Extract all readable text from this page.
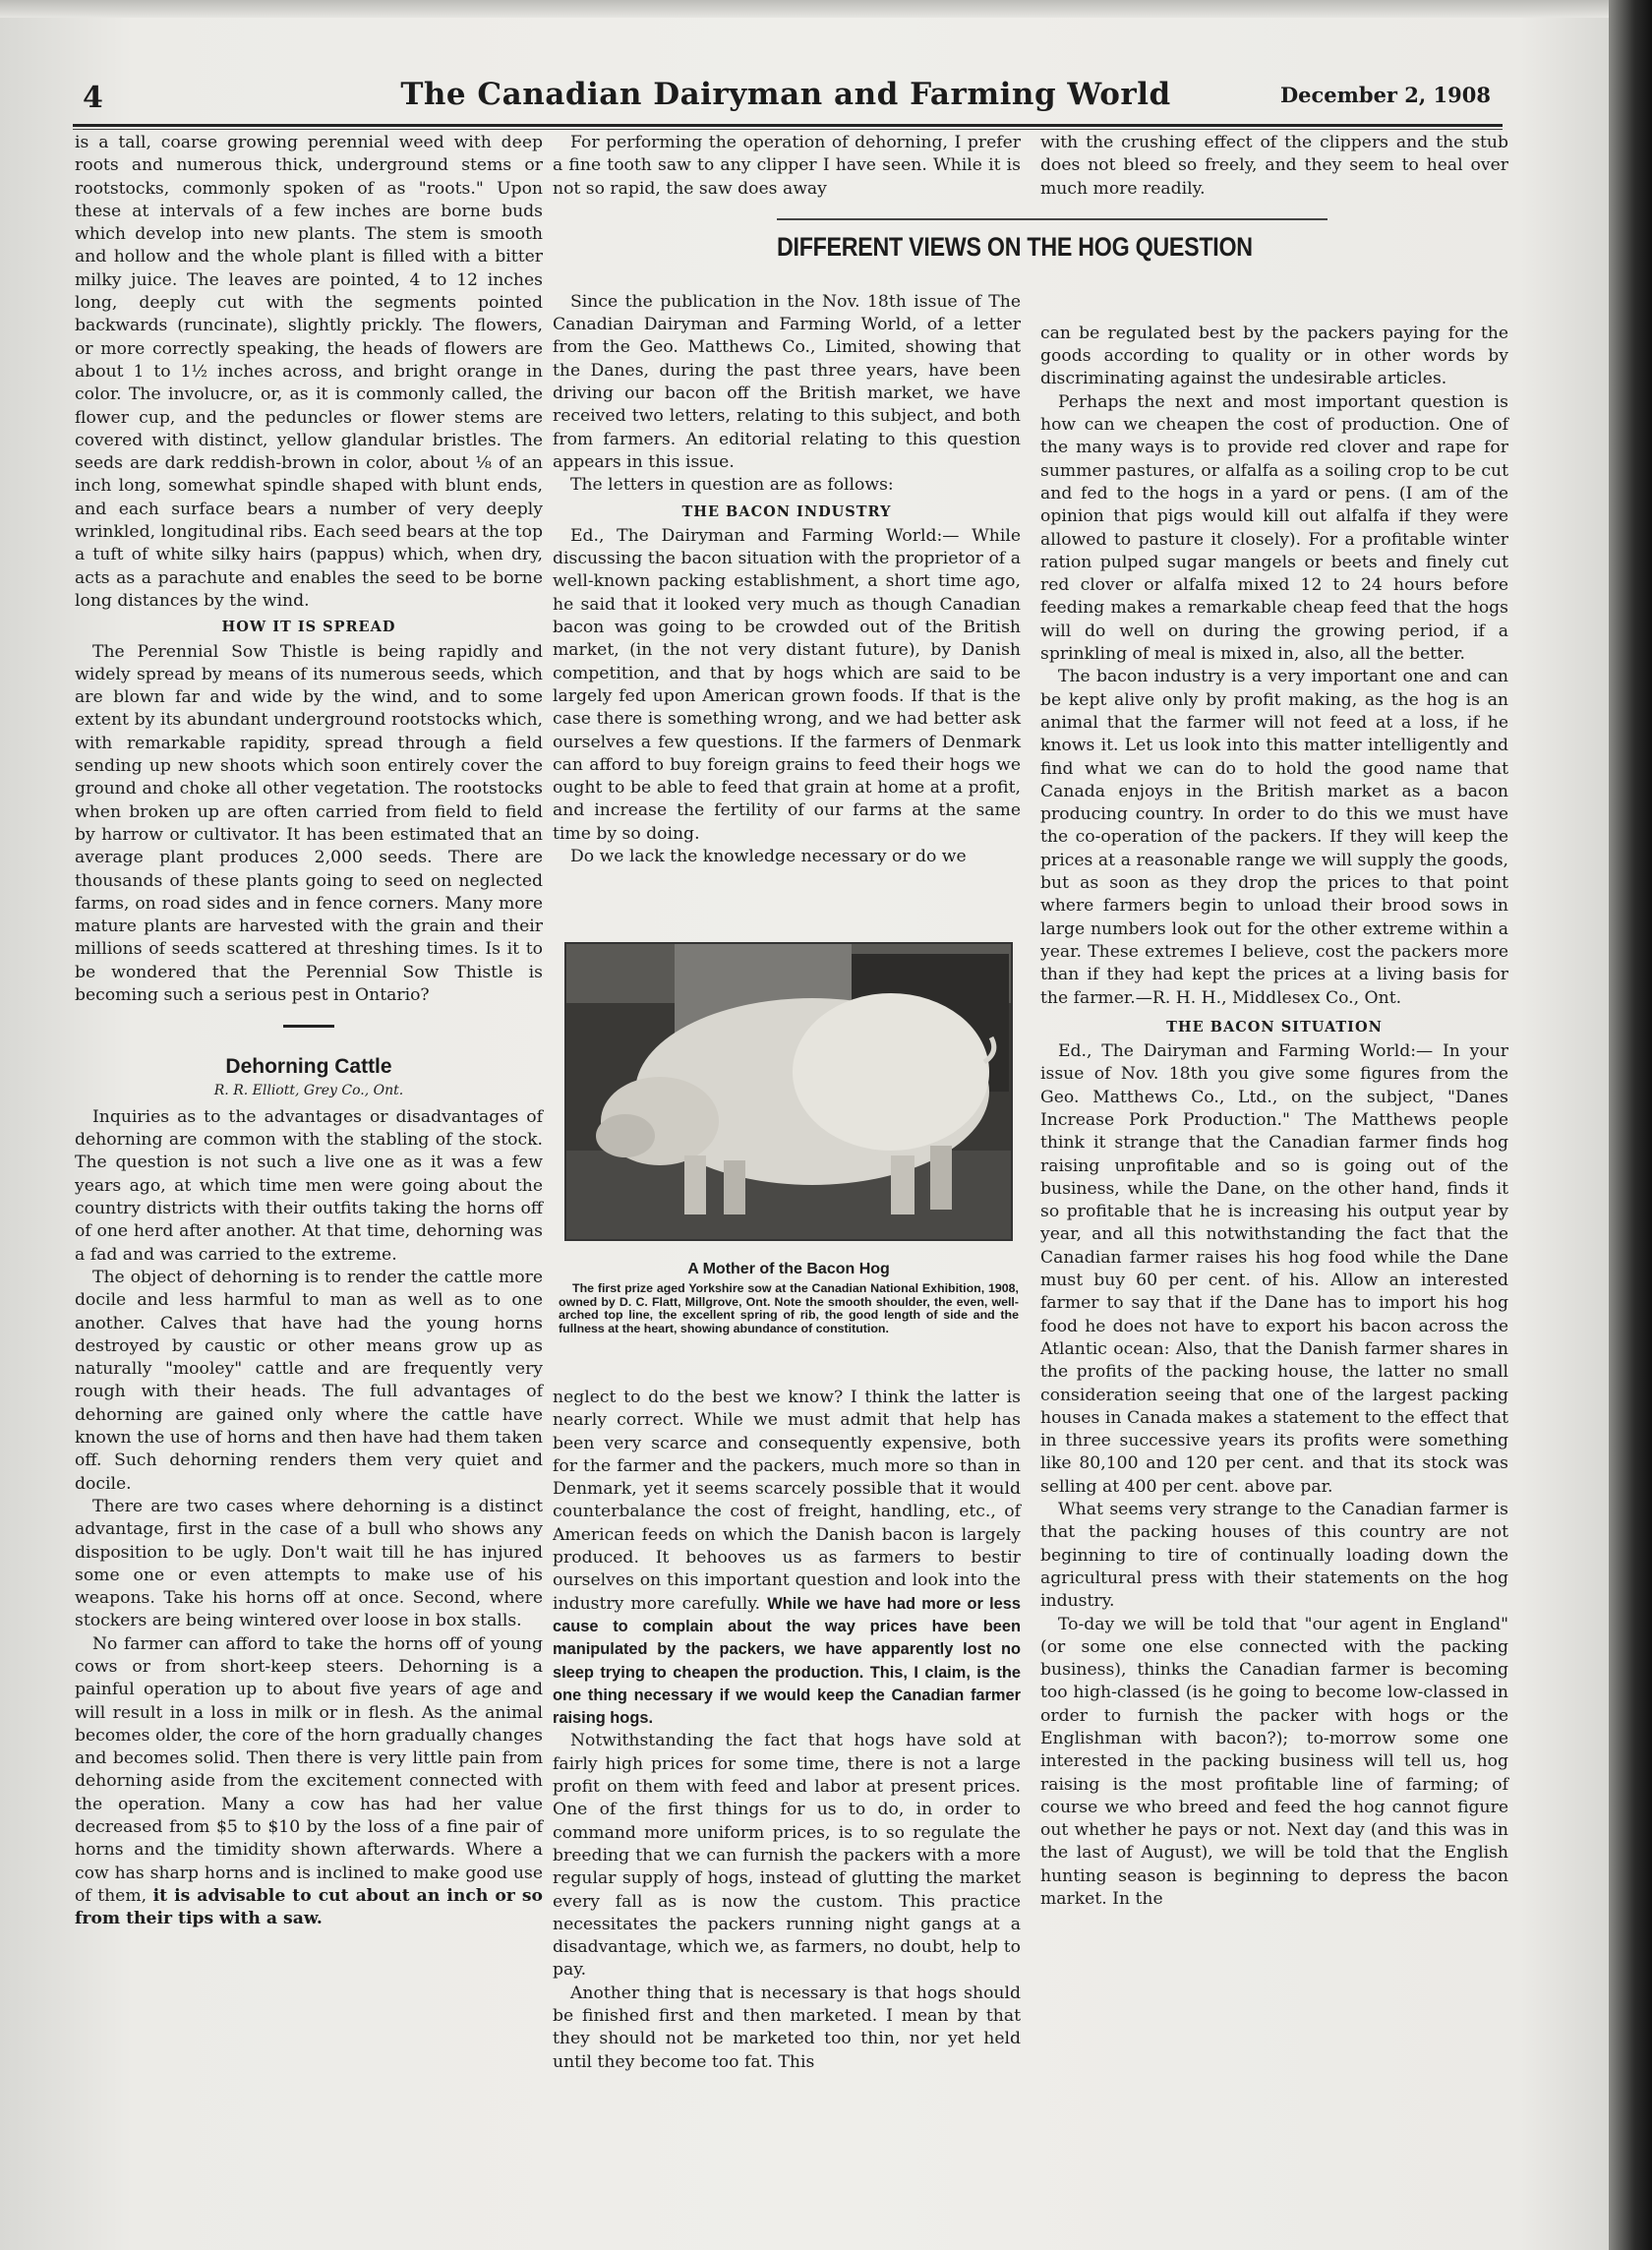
4	The Canadian Dairyman and Farming World	December 2, 1908

is a tall, coarse growing perennial weed with deep roots and numerous thick, underground stems or rootstocks, commonly spoken of as "roots." Upon these at intervals of a few inches are borne buds which develop into new plants. The stem is smooth and hollow and the whole plant is filled with a bitter milky juice. The leaves are pointed, 4 to 12 inches long, deeply cut with the segments pointed backwards (runcinate), slightly prickly. The flowers, or more correctly speaking, the heads of flowers are about 1 to 1½ inches across, and bright orange in color. The involucre, or, as it is commonly called, the flower cup, and the peduncles or flower stems are covered with distinct, yellow glandular bristles. The seeds are dark reddish-brown in color, about ⅛ of an inch long, somewhat spindle shaped with blunt ends, and each surface bears a number of very deeply wrinkled, longitudinal ribs. Each seed bears at the top a tuft of white silky hairs (pappus) which, when dry, acts as a parachute and enables the seed to be borne long distances by the wind.

HOW IT IS SPREAD

The Perennial Sow Thistle is being rapidly and widely spread by means of its numerous seeds, which are blown far and wide by the wind, and to some extent by its abundant underground rootstocks which, with remarkable rapidity, spread through a field sending up new shoots which soon entirely cover the ground and choke all other vegetation. The rootstocks when broken up are often carried from field to field by harrow or cultivator. It has been estimated that an average plant produces 2,000 seeds. There are thousands of these plants going to seed on neglected farms, on road sides and in fence corners. Many more mature plants are harvested with the grain and their millions of seeds scattered at threshing times. Is it to be wondered that the Perennial Sow Thistle is becoming such a serious pest in Ontario?

Dehorning Cattle
R. R. Elliott, Grey Co., Ont.

Inquiries as to the advantages or disadvantages of dehorning are common with the stabling of the stock. The question is not such a live one as it was a few years ago, at which time men were going about the country districts with their outfits taking the horns off of one herd after another. At that time, dehorning was a fad and was carried to the extreme.

The object of dehorning is to render the cattle more docile and less harmful to man as well as to one another. Calves that have had the young horns destroyed by caustic or other means grow up as naturally "mooley" cattle and are frequently very rough with their heads. The full advantages of dehorning are gained only where the cattle have known the use of horns and then have had them taken off. Such dehorning renders them very quiet and docile.

There are two cases where dehorning is a distinct advantage, first in the case of a bull who shows any disposition to be ugly. Don't wait till he has injured some one or even attempts to make use of his weapons. Take his horns off at once. Second, where stockers are being wintered over loose in box stalls.

No farmer can afford to take the horns off of young cows or from short-keep steers. Dehorning is a painful operation up to about five years of age and will result in a loss in milk or in flesh. As the animal becomes older, the core of the horn gradually changes and becomes solid. Then there is very little pain from dehorning aside from the excitement connected with the operation. Many a cow has had her value decreased from $5 to $10 by the loss of a fine pair of horns and the timidity shown afterwards. Where a cow has sharp horns and is inclined to make good use of them, it is advisable to cut about an inch or so from their tips with a saw.

For performing the operation of dehorning, I prefer a fine tooth saw to any clipper I have seen. While it is not so rapid, the saw does away

Since the publication in the Nov. 18th issue of The Canadian Dairyman and Farming World, of a letter from the Geo. Matthews Co., Limited, showing that the Danes, during the past three years, have been driving our bacon off the British market, we have received two letters, relating to this subject, and both from farmers. An editorial relating to this question appears in this issue.

The letters in question are as follows:

THE BACON INDUSTRY

Ed., The Dairyman and Farming World:— While discussing the bacon situation with the proprietor of a well-known packing establishment, a short time ago, he said that it looked very much as though Canadian bacon was going to be crowded out of the British market, (in the not very distant future), by Danish competition, and that by hogs which are said to be largely fed upon American grown foods. If that is the case there is something wrong, and we had better ask ourselves a few questions. If the farmers of Denmark can afford to buy foreign grains to feed their hogs we ought to be able to feed that grain at home at a profit, and increase the fertility of our farms at the same time by so doing.

Do we lack the knowledge necessary or do we

A Mother of the Bacon Hog

The first prize aged Yorkshire sow at the Canadian National Exhibition, 1908, owned by D. C. Flatt, Millgrove, Ont. Note the smooth shoulder, the even, well-arched top line, the excellent spring of rib, the good length of side and the fullness at the heart, showing abundance of constitution.

neglect to do the best we know? I think the latter is nearly correct. While we must admit that help has been very scarce and consequently expensive, both for the farmer and the packers, much more so than in Denmark, yet it seems scarcely possible that it would counterbalance the cost of freight, handling, etc., of American feeds on which the Danish bacon is largely produced. It behooves us as farmers to bestir ourselves on this important question and look into the industry more carefully. While we have had more or less cause to complain about the way prices have been manipulated by the packers, we have apparently lost no sleep trying to cheapen the production. This, I claim, is the one thing necessary if we would keep the Canadian farmer raising hogs.

Notwithstanding the fact that hogs have sold at fairly high prices for some time, there is not a large profit on them with feed and labor at present prices. One of the first things for us to do, in order to command more uniform prices, is to so regulate the breeding that we can furnish the packers with a more regular supply of hogs, instead of glutting the market every fall as is now the custom. This practice necessitates the packers running night gangs at a disadvantage, which we, as farmers, no doubt, help to pay.

Another thing that is necessary is that hogs should be finished first and then marketed. I mean by that they should not be marketed too thin, nor yet held until they become too fat. This

with the crushing effect of the clippers and the stub does not bleed so freely, and they seem to heal over much more readily.

can be regulated best by the packers paying for the goods according to quality or in other words by discriminating against the undesirable articles.

Perhaps the next and most important question is how can we cheapen the cost of production. One of the many ways is to provide red clover and rape for summer pastures, or alfalfa as a soiling crop to be cut and fed to the hogs in a yard or pens. (I am of the opinion that pigs would kill out alfalfa if they were allowed to pasture it closely). For a profitable winter ration pulped sugar mangels or beets and finely cut red clover or alfalfa mixed 12 to 24 hours before feeding makes a remarkable cheap feed that the hogs will do well on during the growing period, if a sprinkling of meal is mixed in, also, all the better.

The bacon industry is a very important one and can be kept alive only by profit making, as the hog is an animal that the farmer will not feed at a loss, if he knows it. Let us look into this matter intelligently and find what we can do to hold the good name that Canada enjoys in the British market as a bacon producing country. In order to do this we must have the co-operation of the packers. If they will keep the prices at a reasonable range we will supply the goods, but as soon as they drop the prices to that point where farmers begin to unload their brood sows in large numbers look out for the other extreme within a year. These extremes I believe, cost the packers more than if they had kept the prices at a living basis for the farmer.—R. H. H., Middlesex Co., Ont.

THE BACON SITUATION

Ed., The Dairyman and Farming World:— In your issue of Nov. 18th you give some figures from the Geo. Matthews Co., Ltd., on the subject, "Danes Increase Pork Production." The Matthews people think it strange that the Canadian farmer finds hog raising unprofitable and so is going out of the business, while the Dane, on the other hand, finds it so profitable that he is increasing his output year by year, and all this notwithstanding the fact that the Canadian farmer raises his hog food while the Dane must buy 60 per cent. of his. Allow an interested farmer to say that if the Dane has to import his hog food he does not have to export his bacon across the Atlantic ocean: Also, that the Danish farmer shares in the profits of the packing house, the latter no small consideration seeing that one of the largest packing houses in Canada makes a statement to the effect that in three successive years its profits were something like 80,100 and 120 per cent. and that its stock was selling at 400 per cent. above par.

What seems very strange to the Canadian farmer is that the packing houses of this country are not beginning to tire of continually loading down the agricultural press with their statements on the hog industry.

To-day we will be told that "our agent in England" (or some one else connected with the packing business), thinks the Canadian farmer is becoming too high-classed (is he going to become low-classed in order to furnish the packer with hogs or the Englishman with bacon?); to-morrow some one interested in the packing business will tell us, hog raising is the most profitable line of farming; of course we who breed and feed the hog cannot figure out whether he pays or not. Next day (and this was in the last of August), we will be told that the English hunting season is beginning to depress the bacon market. In the

DIFFERENT VIEWS ON THE HOG QUESTION
